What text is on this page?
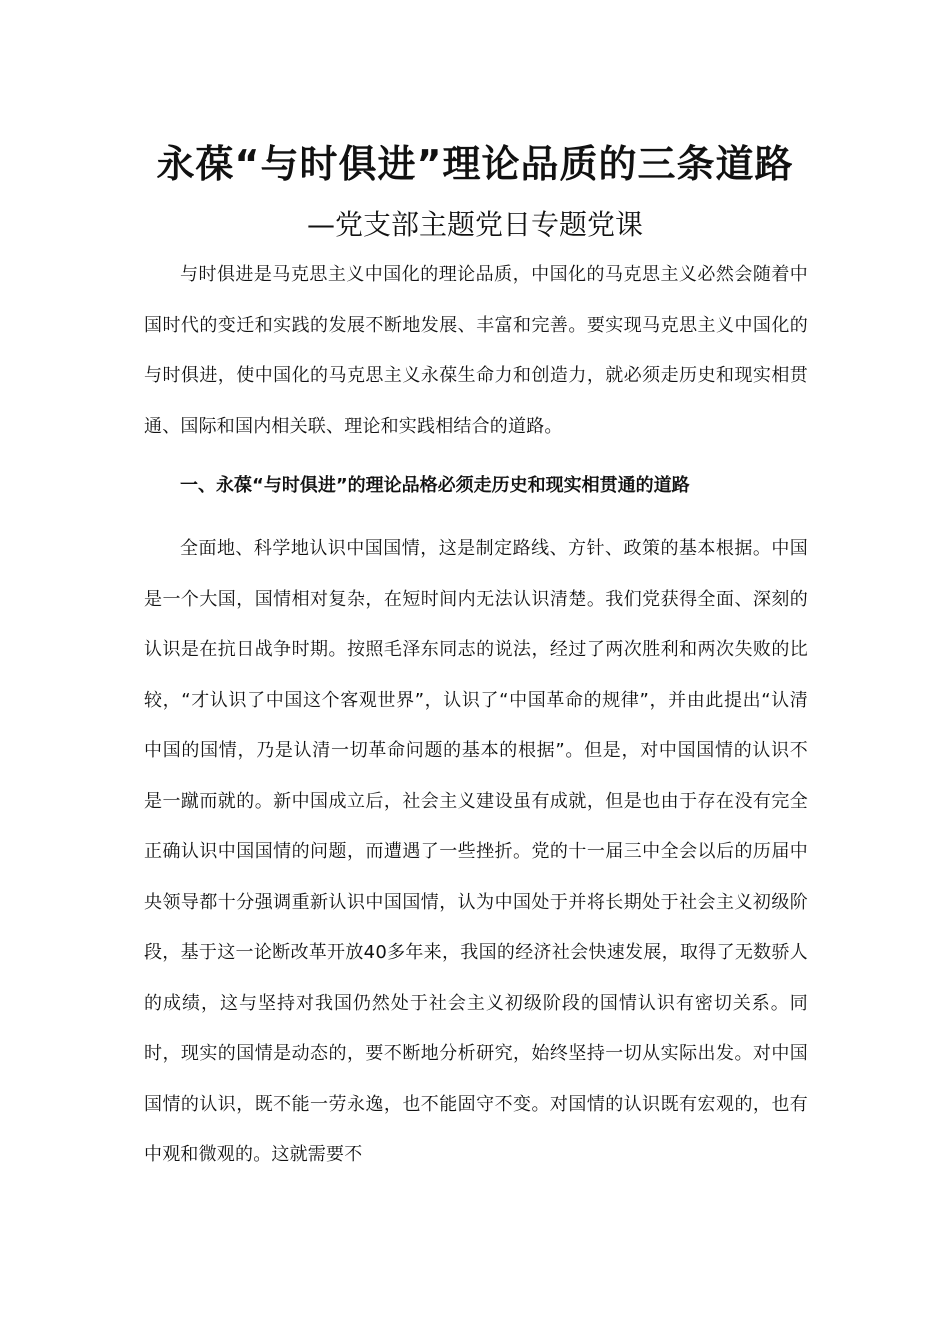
永葆“与时俱进”理论品质的三条道路
—党支部主题党日专题党课

与时俱进是马克思主义中国化的理论品质，中国化的马克思主义必然会随着中国时代的变迁和实践的发展不断地发展、丰富和完善。要实现马克思主义中国化的与时俱进，使中国化的马克思主义永葆生命力和创造力，就必须走历史和现实相贯通、国际和国内相关联、理论和实践相结合的道路。

一、永葆“与时俱进”的理论品格必须走历史和现实相贯通的道路

全面地、科学地认识中国国情，这是制定路线、方针、政策的基本根据。中国是一个大国，国情相对复杂，在短时间内无法认识清楚。我们党获得全面、深刻的认识是在抗日战争时期。按照毛泽东同志的说法，经过了两次胜利和两次失败的比较，“才认识了中国这个客观世界”，认识了“中国革命的规律”，并由此提出“认清中国的国情，乃是认清一切革命问题的基本的根据”。但是，对中国国情的认识不是一蹴而就的。新中国成立后，社会主义建设虽有成就，但是也由于存在没有完全正确认识中国国情的问题，而遭遇了一些挫折。党的十一届三中全会以后的历届中央领导都十分强调重新认识中国国情，认为中国处于并将长期处于社会主义初级阶段，基于这一论断改革开放40多年来，我国的经济社会快速发展，取得了无数骄人的成绩，这与坚持对我国仍然处于社会主义初级阶段的国情认识有密切关系。同时，现实的国情是动态的，要不断地分析研究，始终坚持一切从实际出发。对中国国情的认识，既不能一劳永逸，也不能固守不变。对国情的认识既有宏观的，也有中观和微观的。这就需要不
